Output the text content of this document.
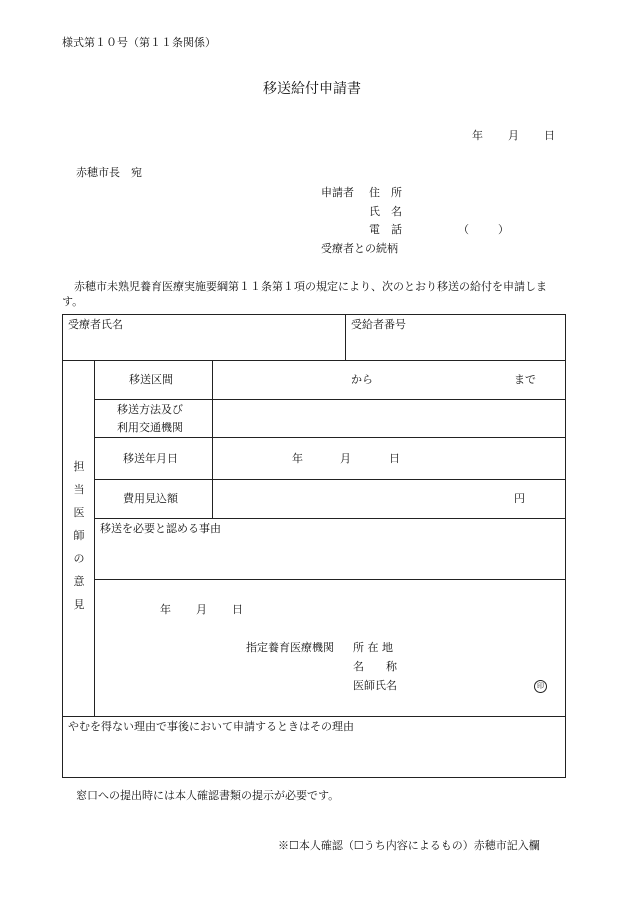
様式第１０号（第１１条関係）
移送給付申請書
年 月 日
赤穂市長　宛
申請者 住　所
氏　名
電　話	（	）
受療者との続柄
赤穂市未熟児養育医療実施要綱第１１条第１項の規定により、次のとおり移送の給付を申請します。
受療者氏名	受給者番号
担
当
医
師
の
意
見
移送区間	から	まで
移送方法及び
利用交通機関
移送年月日	年	月	日
費用見込額	円
移送を必要と認める事由
年 月 日
指定養育医療機関 所 在 地
名　　称
医師氏名	印
やむを得ない理由で事後において申請するときはその理由
窓口への提出時には本人確認書類の提示が必要です。
※☐本人確認（☐うち内容によるもの）赤穂市記入欄
